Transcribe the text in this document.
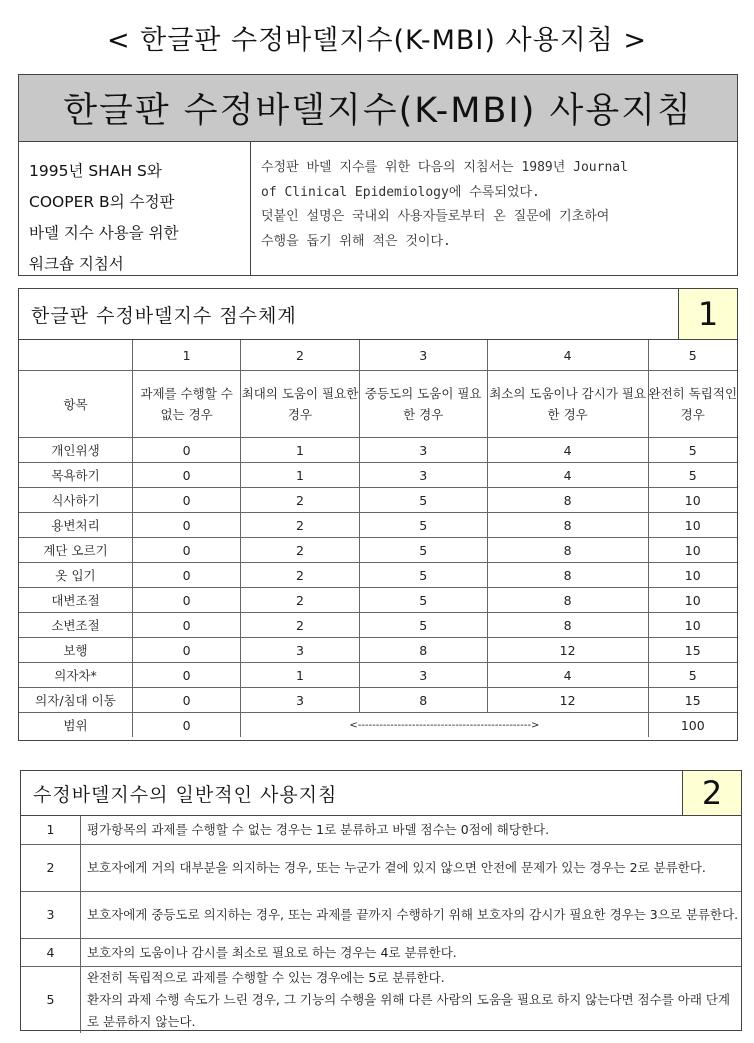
< 한글판 수정바델지수(K-MBI) 사용지침 >
한글판 수정바델지수(K-MBI) 사용지침
1995년 SHAH S와
COOPER B의 수정판
바델 지수 사용을 위한
워크숍 지침서
수정판 바델 지수를 위한 다음의 지침서는 1989년 Journal
of Clinical Epidemiology에 수록되었다.
덧붙인 설명은 국내외 사용자들로부터 온 질문에 기초하여
수행을 돕기 위해 적은 것이다.
한글판 수정바델지수 점수체계	1
	1	2	3	4	5
항목	과제를 수행할 수 없는 경우	최대의 도움이 필요한 경우	중등도의 도움이 필요한 경우	최소의 도움이나 감시가 필요한 경우	완전히 독립적인 경우
개인위생	0	1	3	4	5
목욕하기	0	1	3	4	5
식사하기	0	2	5	8	10
용변처리	0	2	5	8	10
계단 오르기	0	2	5	8	10
옷 입기	0	2	5	8	10
대변조절	0	2	5	8	10
소변조절	0	2	5	8	10
보행	0	3	8	12	15
의자차*	0	1	3	4	5
의자/침대 이동	0	3	8	12	15
범위	0	<------------------------------------------------>			100
수정바델지수의 일반적인 사용지침	2
1	평가항목의 과제를 수행할 수 없는 경우는 1로 분류하고 바델 점수는 0점에 해당한다.
2	보호자에게 거의 대부분을 의지하는 경우, 또는 누군가 곁에 있지 않으면 안전에 문제가 있는 경우는 2로 분류한다.
3	보호자에게 중등도로 의지하는 경우, 또는 과제를 끝까지 수행하기 위해 보호자의 감시가 필요한 경우는 3으로 분류한다.
4	보호자의 도움이나 감시를 최소로 필요로 하는 경우는 4로 분류한다.
5	완전히 독립적으로 과제를 수행할 수 있는 경우에는 5로 분류한다.
환자의 과제 수행 속도가 느린 경우, 그 기능의 수행을 위해 다른 사람의 도움을 필요로 하지 않는다면 점수를 아래 단계로 분류하지 않는다.
